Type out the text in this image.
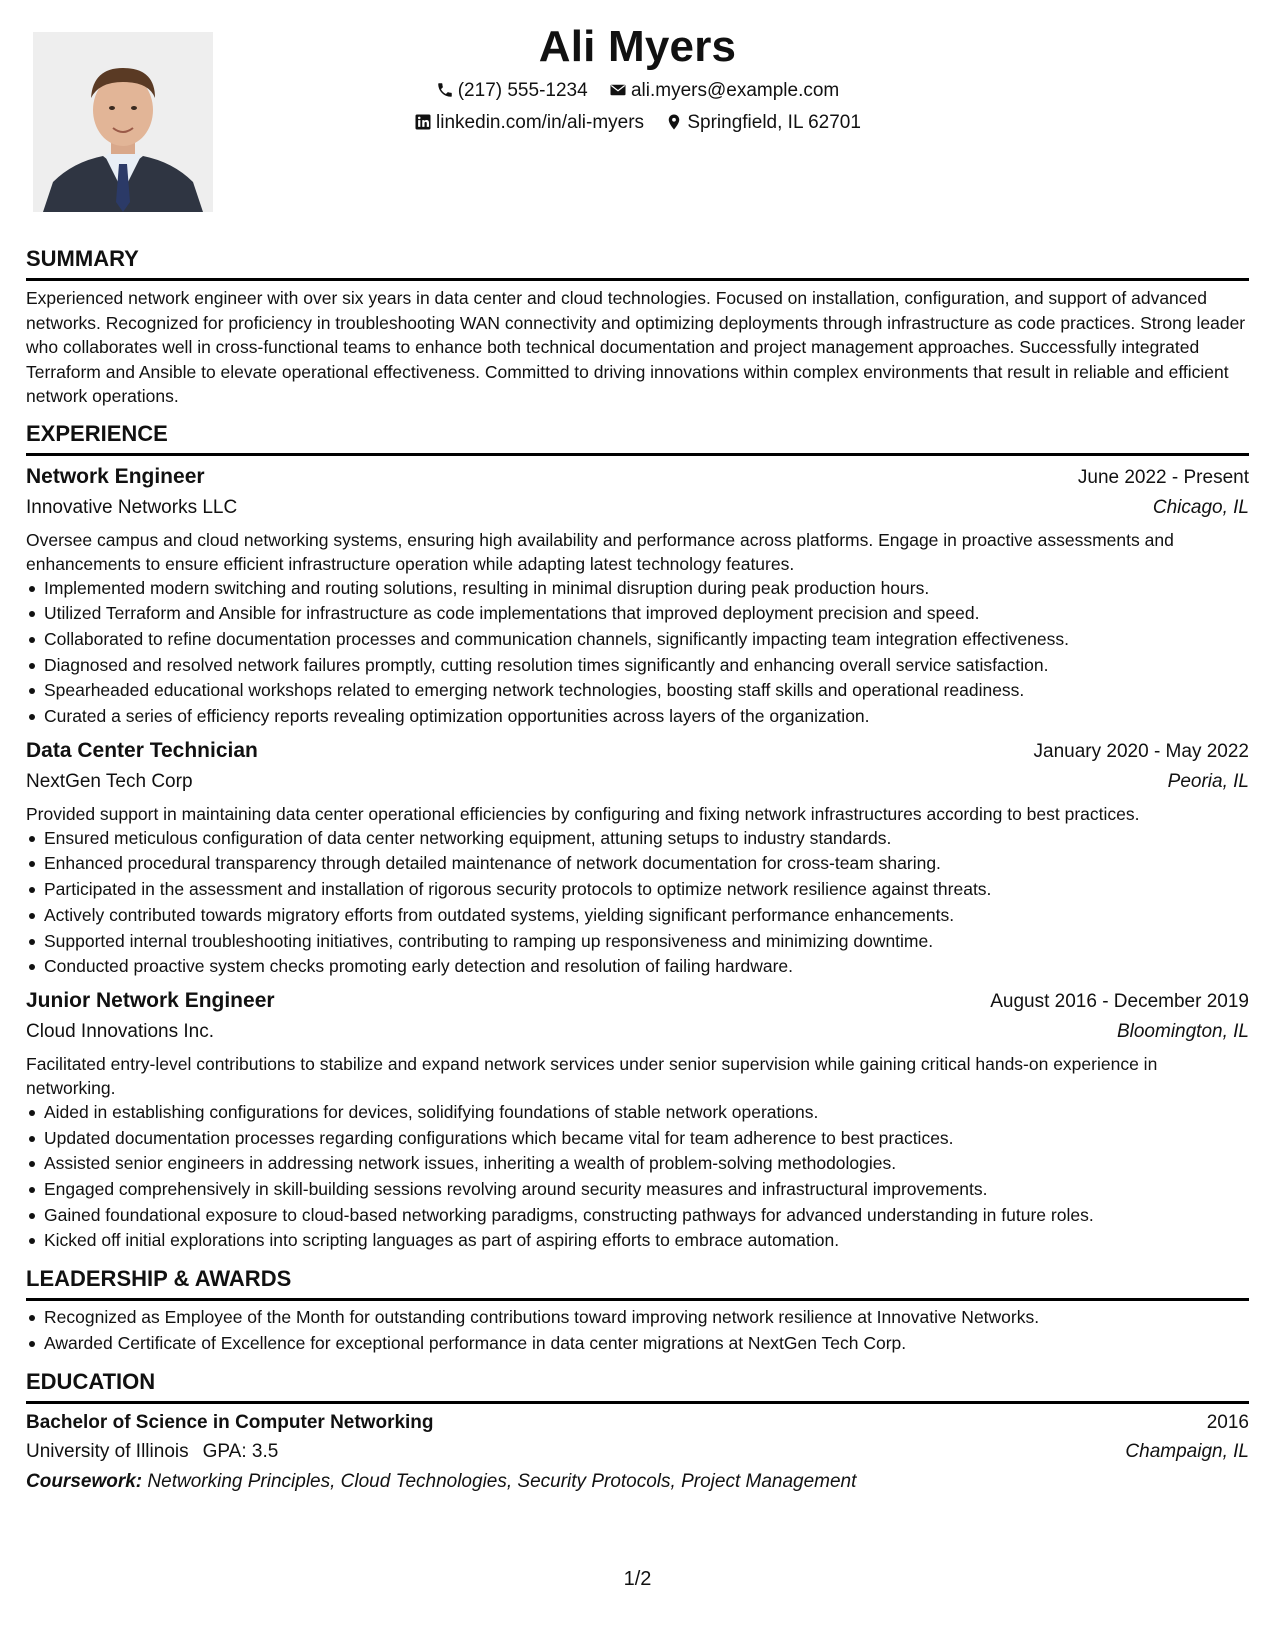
Ali Myers
(217) 555-1234 ali.myers@example.com
linkedin.com/in/ali-myers Springfield, IL 62701
SUMMARY

Experienced network engineer with over six years in data center and cloud technologies. Focused on installation, configuration, and support of advanced networks. Recognized for proficiency in troubleshooting WAN connectivity and optimizing deployments through infrastructure as code practices. Strong leader who collaborates well in cross-functional teams to enhance both technical documentation and project management approaches. Successfully integrated Terraform and Ansible to elevate operational effectiveness. Committed to driving innovations within complex environments that result in reliable and efficient network operations.

EXPERIENCE
Network Engineer	June 2022 - Present
Innovative Networks LLC	Chicago, IL
Oversee campus and cloud networking systems, ensuring high availability and performance across platforms. Engage in proactive assessments and enhancements to ensure efficient infrastructure operation while adapting latest technology features.
Implemented modern switching and routing solutions, resulting in minimal disruption during peak production hours.
Utilized Terraform and Ansible for infrastructure as code implementations that improved deployment precision and speed.
Collaborated to refine documentation processes and communication channels, significantly impacting team integration effectiveness.
Diagnosed and resolved network failures promptly, cutting resolution times significantly and enhancing overall service satisfaction.
Spearheaded educational workshops related to emerging network technologies, boosting staff skills and operational readiness.
Curated a series of efficiency reports revealing optimization opportunities across layers of the organization.
Data Center Technician	January 2020 - May 2022
NextGen Tech Corp	Peoria, IL
Provided support in maintaining data center operational efficiencies by configuring and fixing network infrastructures according to best practices.
Ensured meticulous configuration of data center networking equipment, attuning setups to industry standards.
Enhanced procedural transparency through detailed maintenance of network documentation for cross-team sharing.
Participated in the assessment and installation of rigorous security protocols to optimize network resilience against threats.
Actively contributed towards migratory efforts from outdated systems, yielding significant performance enhancements.
Supported internal troubleshooting initiatives, contributing to ramping up responsiveness and minimizing downtime.
Conducted proactive system checks promoting early detection and resolution of failing hardware.
Junior Network Engineer	August 2016 - December 2019
Cloud Innovations Inc.	Bloomington, IL
Facilitated entry-level contributions to stabilize and expand network services under senior supervision while gaining critical hands-on experience in networking.
Aided in establishing configurations for devices, solidifying foundations of stable network operations.
Updated documentation processes regarding configurations which became vital for team adherence to best practices.
Assisted senior engineers in addressing network issues, inheriting a wealth of problem-solving methodologies.
Engaged comprehensively in skill-building sessions revolving around security measures and infrastructural improvements.
Gained foundational exposure to cloud-based networking paradigms, constructing pathways for advanced understanding in future roles.
Kicked off initial explorations into scripting languages as part of aspiring efforts to embrace automation.
LEADERSHIP & AWARDS
Recognized as Employee of the Month for outstanding contributions toward improving network resilience at Innovative Networks.
Awarded Certificate of Excellence for exceptional performance in data center migrations at NextGen Tech Corp.
EDUCATION
Bachelor of Science in Computer Networking	2016
University of Illinois GPA: 3.5	Champaign, IL
Coursework: Networking Principles, Cloud Technologies, Security Protocols, Project Management
1/2
